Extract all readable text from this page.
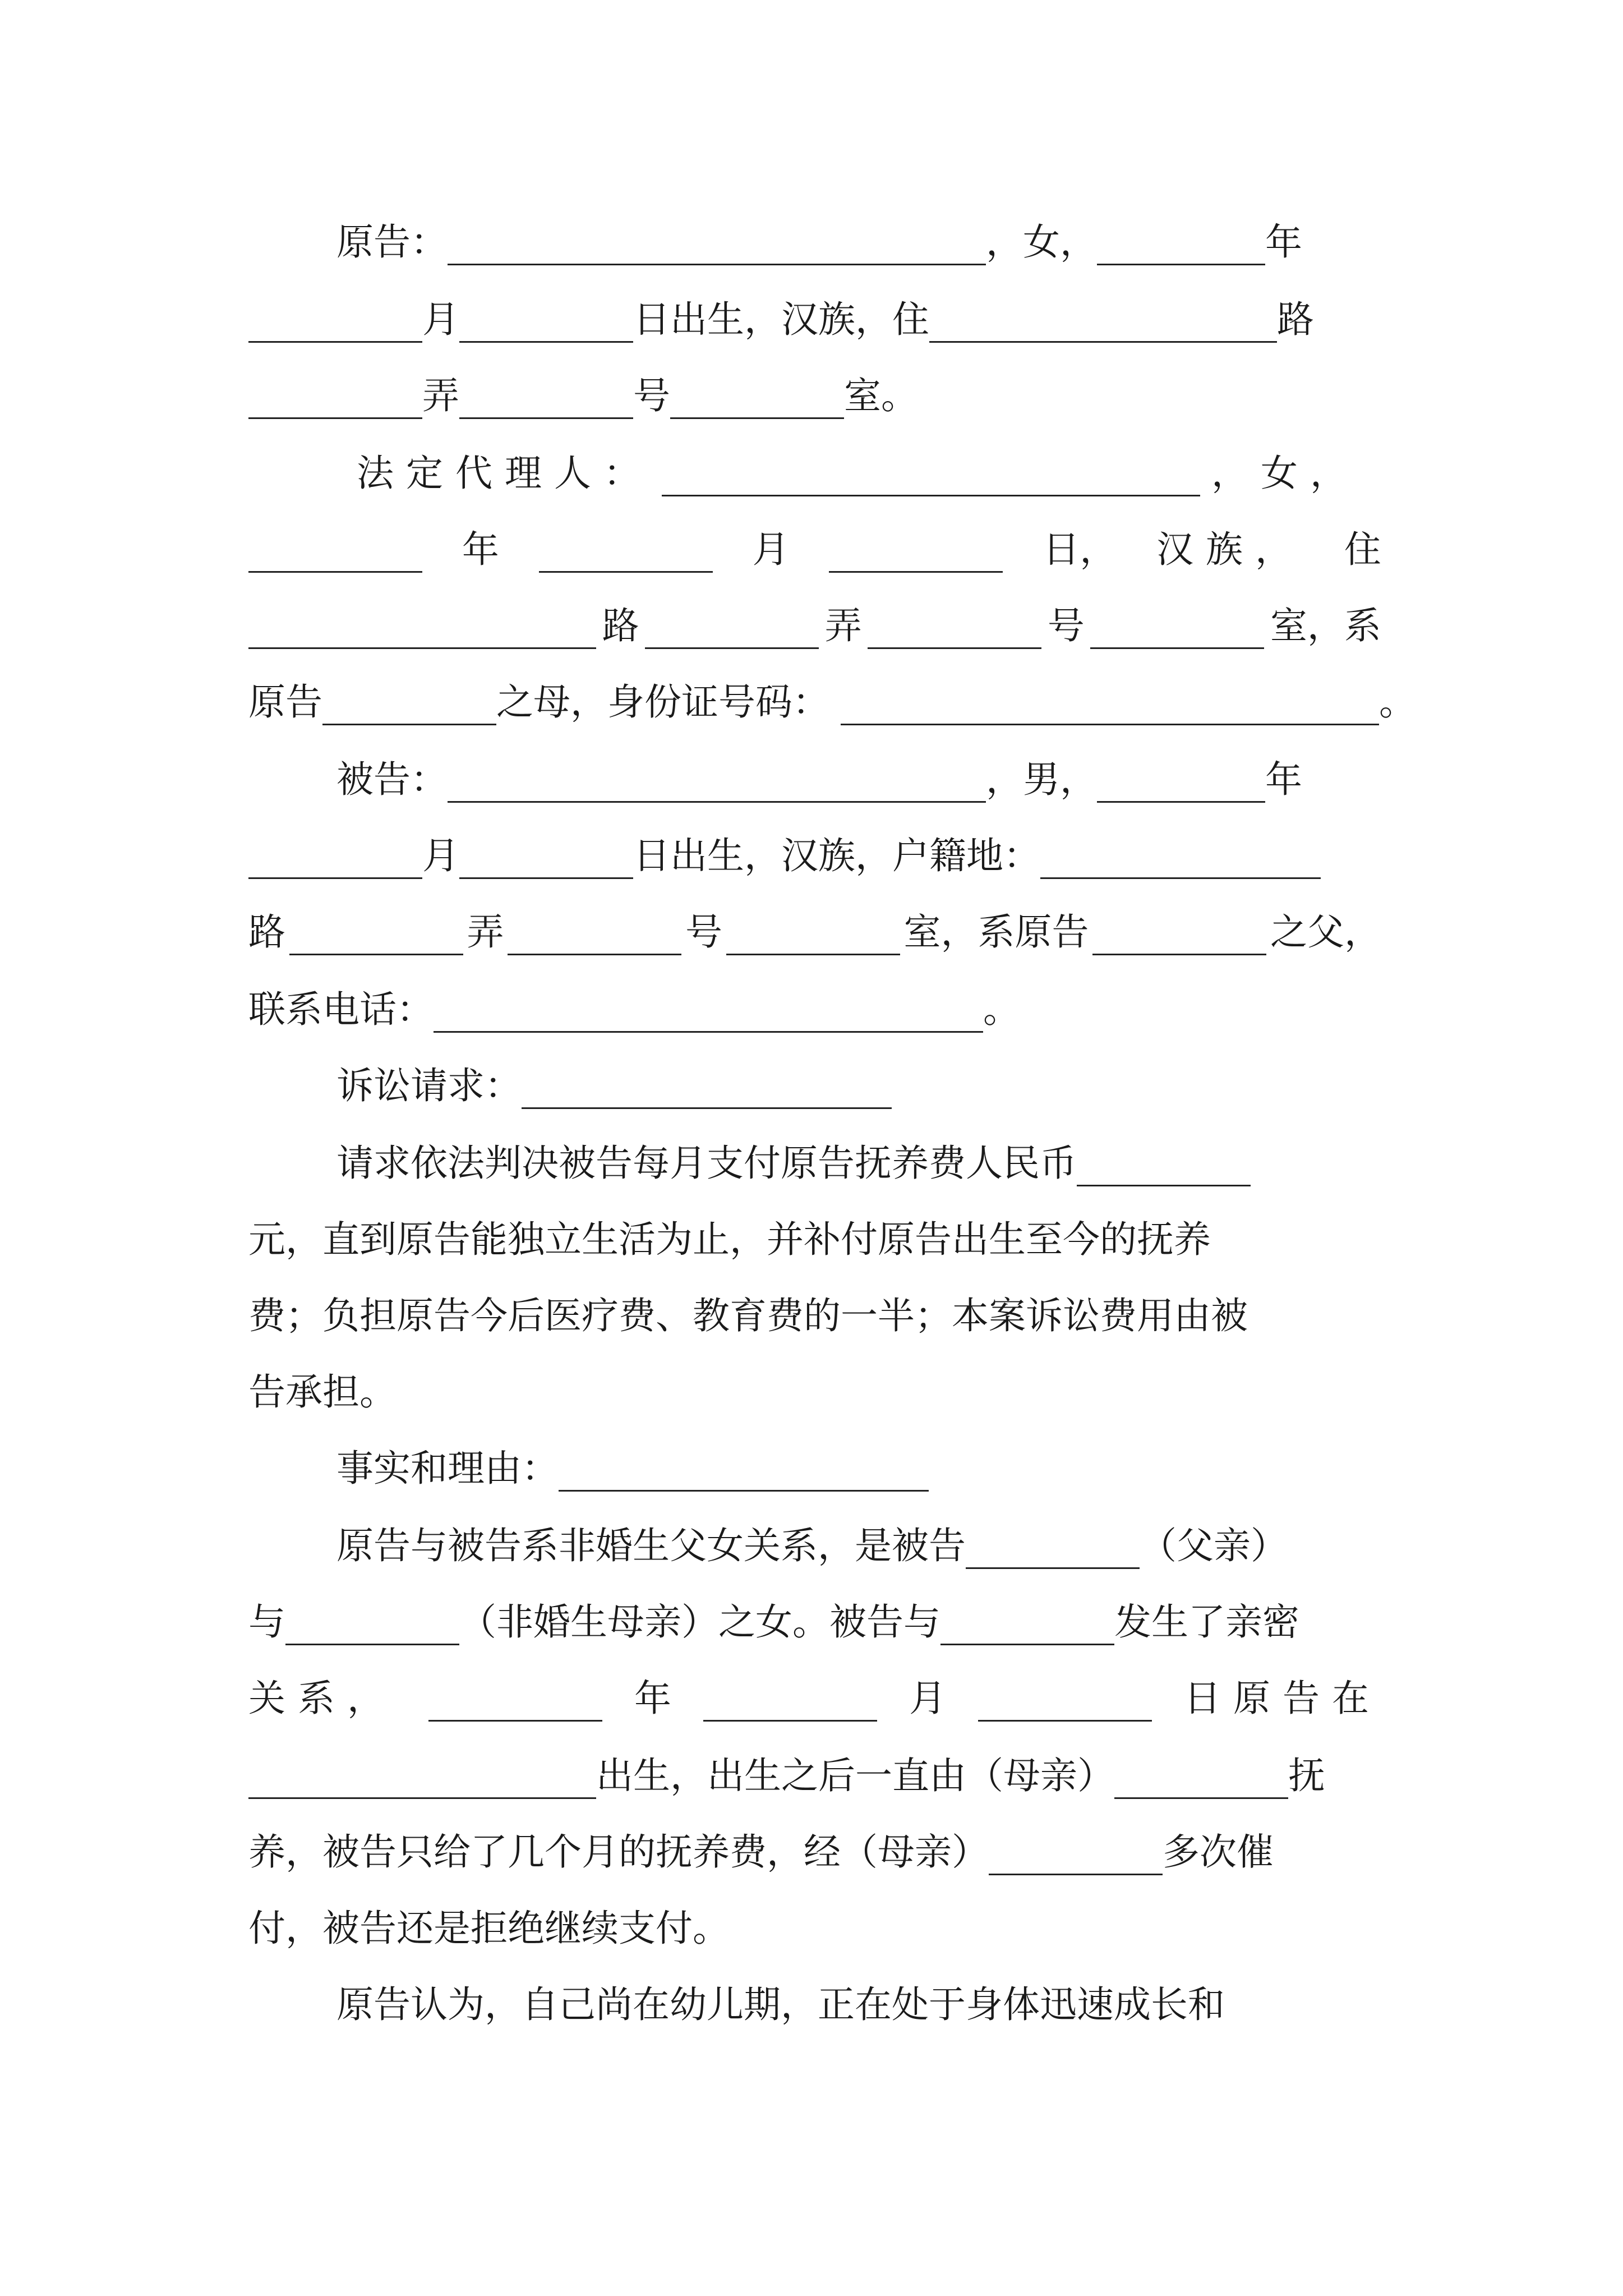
原告：	，女，	年
月	日出生，汉族，住	路
弄	号	室。
法定代理人：	，女，
年	月	日， 汉族， 住
路	弄	号	室，系
原告	之母，身份证号码：	。
被告：	，男，	年
月	日出生，汉族，户籍地：
路	弄	号	室，系原告	之父，
联系电话：	。
诉讼请求：
请求依法判决被告每月支付原告抚养费人民币
元，直到原告能独立生活为止，并补付原告出生至今的抚养
费；负担原告今后医疗费、教育费的一半；本案诉讼费用由被
告承担。
事实和理由：
原告与被告系非婚生父女关系，是被告	（父亲）
与	（非婚生母亲）之女。被告与	发生了亲密
关系，	年	月	日原告在
出生，出生之后一直由（母亲）	抚
养，被告只给了几个月的抚养费，经（母亲）	多次催
付，被告还是拒绝继续支付。
原告认为，自己尚在幼儿期，正在处于身体迅速成长和
